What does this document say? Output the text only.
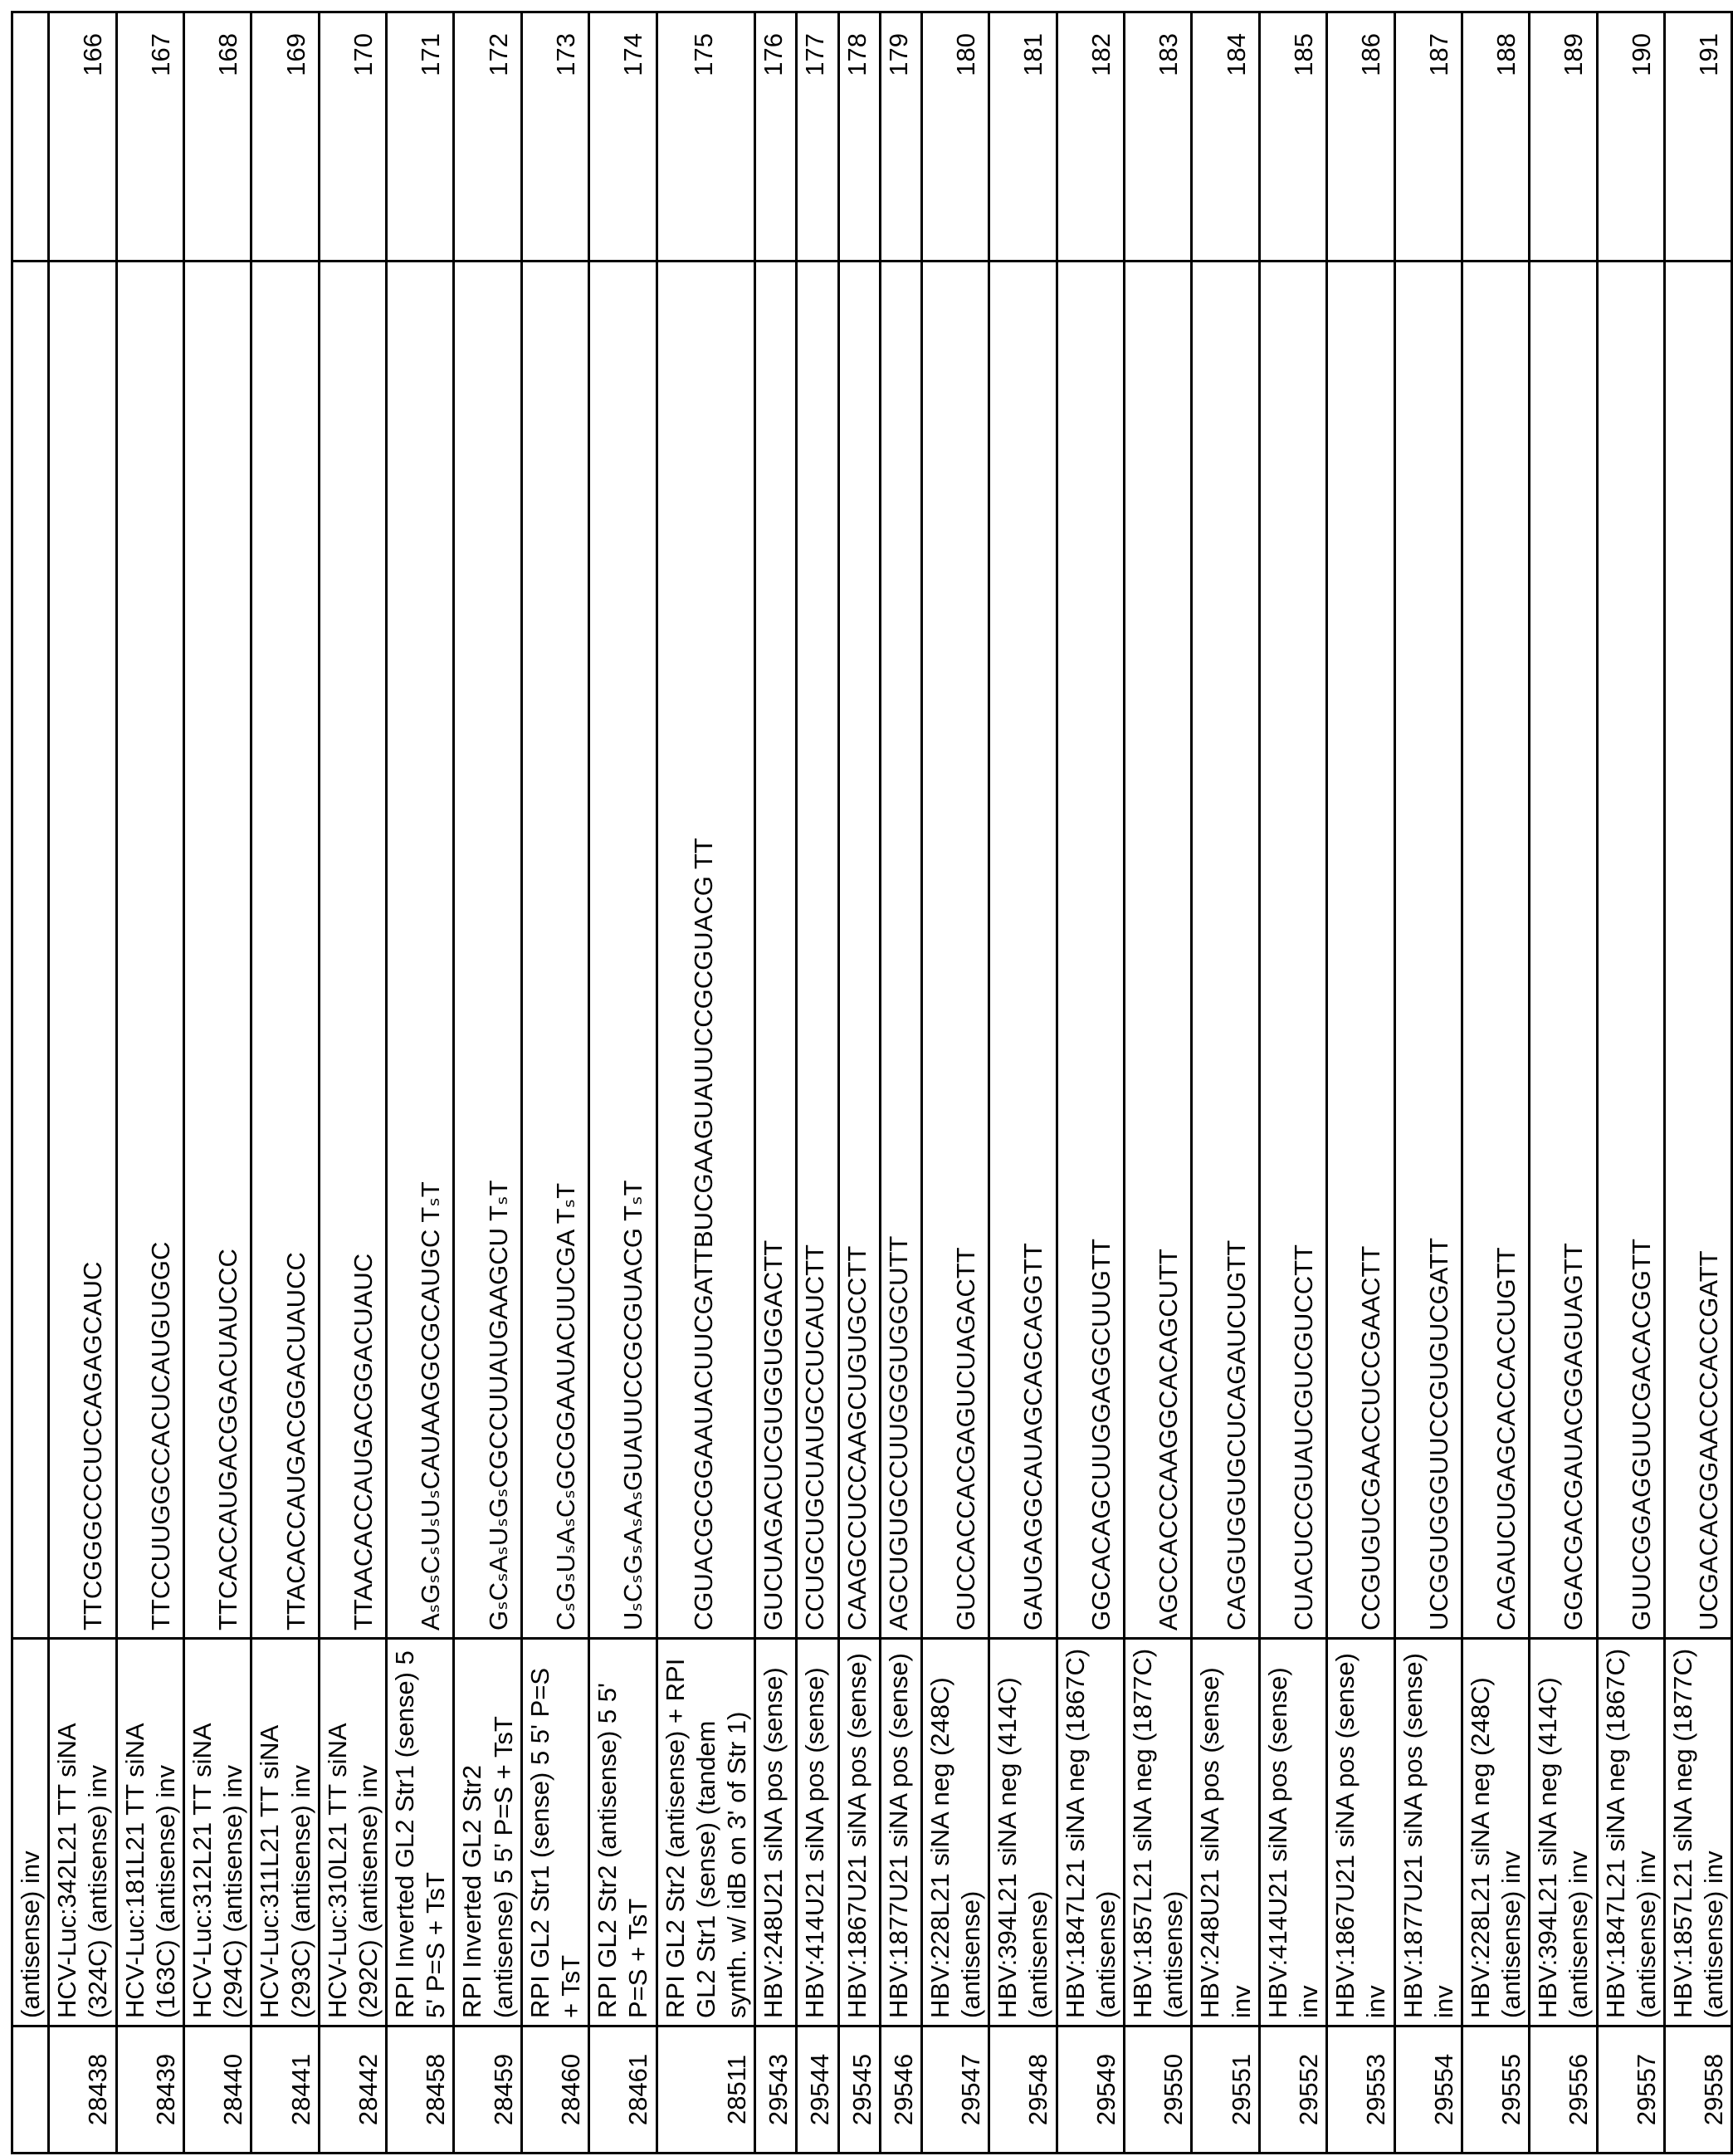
	(antisense) inv		
28438	HCV-Luc:342L21 TT siNA (324C) (antisense) inv	TTCGGGCCCUCCAGAGCAUC	166
28439	HCV-Luc:181L21 TT siNA (163C) (antisense) inv	TTCCUUGGCCACUCAUGUGGC	167
28440	HCV-Luc:312L21 TT siNA (294C) (antisense) inv	TTCACCAUGACGGACUAUCCC	168
28441	HCV-Luc:311L21 TT siNA (293C) (antisense) inv	TTACACCAUGACGGACUAUCC	169
28442	HCV-Luc:310L21 TT siNA (292C) (antisense) inv	TTAACACCAUGACGGACUAUC	170
28458	RPI Inverted GL2 Str1 (sense) 5 5' P=S + TsT	AₛGₛCₛUₛUₛCAUAAGGCGCAUGC TₛT	171
28459	RPI Inverted GL2 Str2 (antisense) 5 5' P=S + TsT	GₛCₛAₛUₛGₛCGCCUUAUGAAGCU TₛT	172
28460	RPI GL2 Str1 (sense) 5 5' P=S + TsT	CₛGₛUₛAₛCₛGCGGAAUACUUCGA TₛT	173
28461	RPI GL2 Str2 (antisense) 5 5' P=S + TsT	UₛCₛGₛAₛAₛGUAUUCCGCGUACG TₛT	174
28511	RPI GL2 Str2 (antisense) + RPI GL2 Str1 (sense) (tandem synth. w/ idB on 3' of Str 1)	CGUACGCGGAAUACUUCGATTBUCGAAGUAUUCCGCGUACG TT	175
29543	HBV:248U21 siNA pos (sense)	GUCUAGACUCGUGGUGGACTT	176
29544	HBV:414U21 siNA pos (sense)	CCUGCUGCUAUGCCUCAUCTT	177
29545	HBV:1867U21 siNA pos (sense)	CAAGCCUCCAAGCUGUGCCTT	178
29546	HBV:1877U21 siNA pos (sense)	AGCUGUGCCUUGGGUGGCUTT	179
29547	HBV:228L21 siNA neg (248C) (antisense)	GUCCACCACGAGUCUAGACTT	180
29548	HBV:394L21 siNA neg (414C) (antisense)	GAUGAGGCAUAGCAGCAGGTT	181
29549	HBV:1847L21 siNA neg (1867C) (antisense)	GGCACAGCUUGGAGGCUUGTT	182
29550	HBV:1857L21 siNA neg (1877C) (antisense)	AGCCACCCAAGGCACAGCUTT	183
29551	HBV:248U21 siNA pos (sense) inv	CAGGUGGUGCUCAGAUCUGTT	184
29552	HBV:414U21 siNA pos (sense) inv	CUACUCCGUAUCGUCGUCCTT	185
29553	HBV:1867U21 siNA pos (sense) inv	CCGUGUCGAACCUCCGAACTT	186
29554	HBV:1877U21 siNA pos (sense) inv	UCGGUGGGUUCCGUGUCGATT	187
29555	HBV:228L21 siNA neg (248C) (antisense) inv	CAGAUCUGAGCACCACCUGTT	188
29556	HBV:394L21 siNA neg (414C) (antisense) inv	GGACGACGAUACGGAGUAGTT	189
29557	HBV:1847L21 siNA neg (1867C) (antisense) inv	GUUCGGAGGUUCGACACGGTT	190
29558	HBV:1857L21 siNA neg (1877C) (antisense) inv	UCGACACGGAACCCACCGATT	191
